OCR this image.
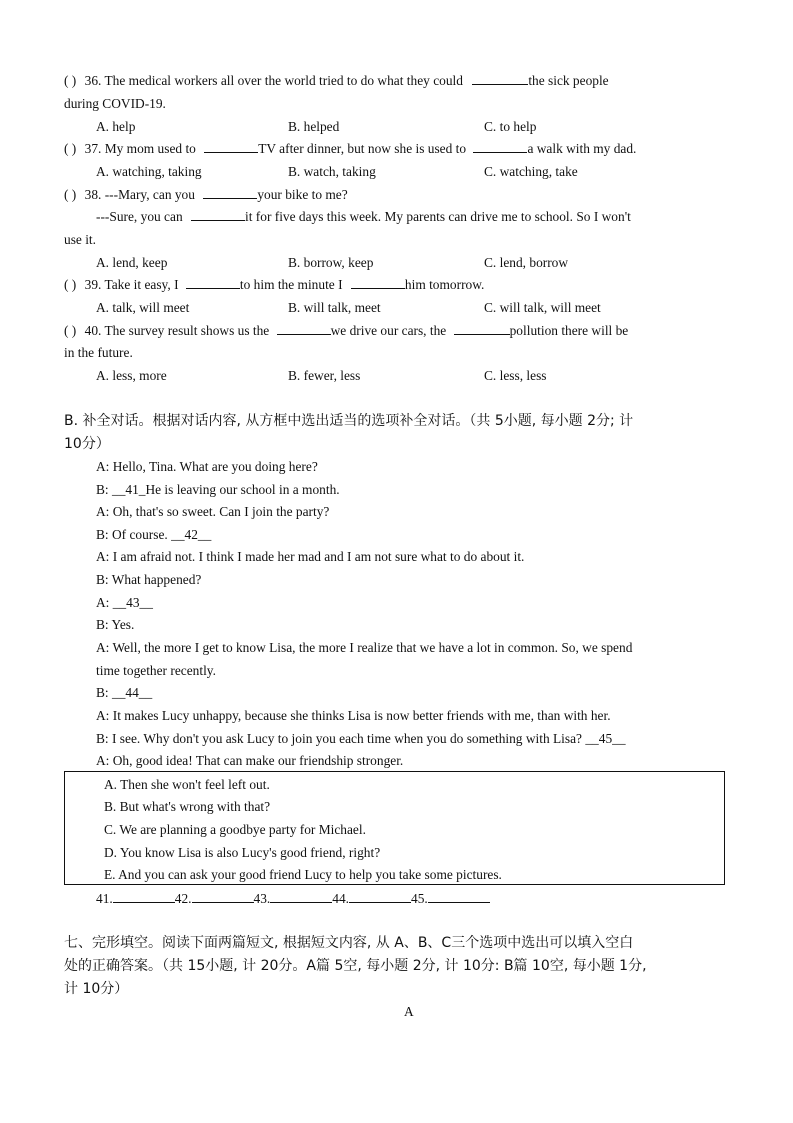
( ) 36. The medical workers all over the world tried to do what they could	the sick people
during COVID-19.
A. help	B. helped	C. to help
( ) 37. My mom used to	TV after dinner, but now she is used to	a walk with my dad.
A. watching, taking	B. watch, taking	C. watching, take
( ) 38. ---Mary, can you	your bike to me?
---Sure, you can	it for five days this week. My parents can drive me to school. So I won't
use it.
A. lend, keep	B. borrow, keep	C. lend, borrow
( ) 39. Take it easy, I	to him the minute I	him tomorrow.
A. talk, will meet	B. will talk, meet	C. will talk, will meet
( ) 40. The survey result shows us the	we drive our cars, the	pollution there will be
in the future.
A. less, more	B. fewer, less	C. less, less
B. 补全对话。根据对话内容, 从方框中选出适当的选项补全对话。（共 5小题, 每小题 2分; 计
10分）
A: Hello, Tina. What are you doing here?
B: __41_He is leaving our school in a month.
A: Oh, that's so sweet. Can I join the party?
B: Of course. __42__
A: I am afraid not. I think I made her mad and I am not sure what to do about it.
B: What happened?
A: __43__
B: Yes.
A: Well, the more I get to know Lisa, the more I realize that we have a lot in common. So, we spend
time together recently.
B: __44__
A: It makes Lucy unhappy, because she thinks Lisa is now better friends with me, than with her.
B: I see. Why don't you ask Lucy to join you each time when you do something with Lisa? __45__
A: Oh, good idea! That can make our friendship stronger.
A. Then she won't feel left out.
B. But what's wrong with that?
C. We are planning a goodbye party for Michael.
D. You know Lisa is also Lucy's good friend, right?
E. And you can ask your good friend Lucy to help you take some pictures.
41.	42.	43.	44.	45.
七、完形填空。阅读下面两篇短文, 根据短文内容, 从 A、B、C三个选项中选出可以填入空白
处的正确答案。（共 15小题, 计 20分。A篇 5空, 每小题 2分, 计 10分: B篇 10空, 每小题 1分,
计 10分）
A
